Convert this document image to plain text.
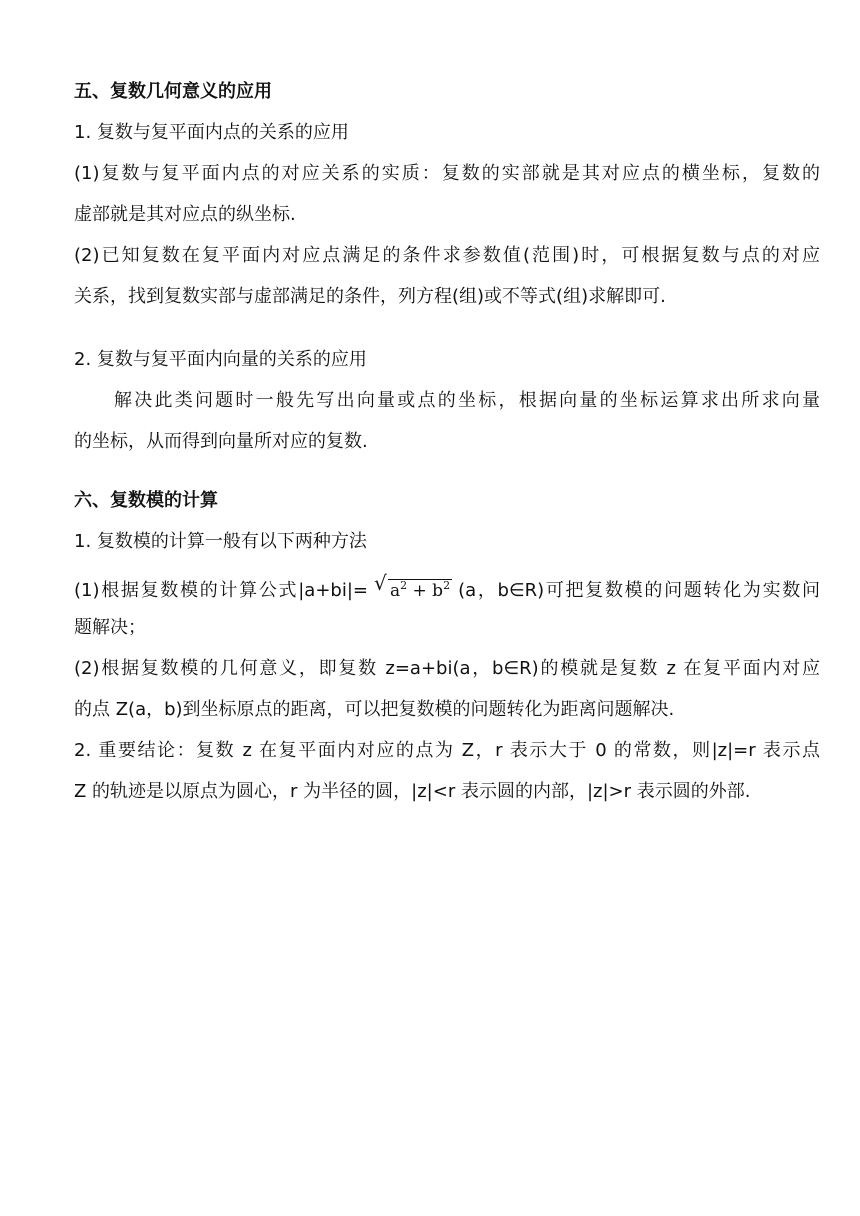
五、复数几何意义的应用
1. 复数与复平面内点的关系的应用
(1)复数与复平面内点的对应关系的实质：复数的实部就是其对应点的横坐标，复数的
虚部就是其对应点的纵坐标.
(2)已知复数在复平面内对应点满足的条件求参数值(范围)时，可根据复数与点的对应
关系，找到复数实部与虚部满足的条件，列方程(组)或不等式(组)求解即可.
2. 复数与复平面内向量的关系的应用
解决此类问题时一般先写出向量或点的坐标，根据向量的坐标运算求出所求向量
的坐标，从而得到向量所对应的复数.
六、复数模的计算
1. 复数模的计算一般有以下两种方法
(1)根据复数模的计算公式|a+bi|= √ $a^2 + b^2$ (a，b∈R)可把复数模的问题转化为实数问
题解决；
(2)根据复数模的几何意义，即复数 z=a+bi(a，b∈R)的模就是复数 z 在复平面内对应
的点 Z(a，b)到坐标原点的距离，可以把复数模的问题转化为距离问题解决.
2. 重要结论：复数 z 在复平面内对应的点为 Z，r 表示大于 0 的常数，则|z|=r 表示点
Z 的轨迹是以原点为圆心，r 为半径的圆，|z|<r 表示圆的内部，|z|>r 表示圆的外部.
